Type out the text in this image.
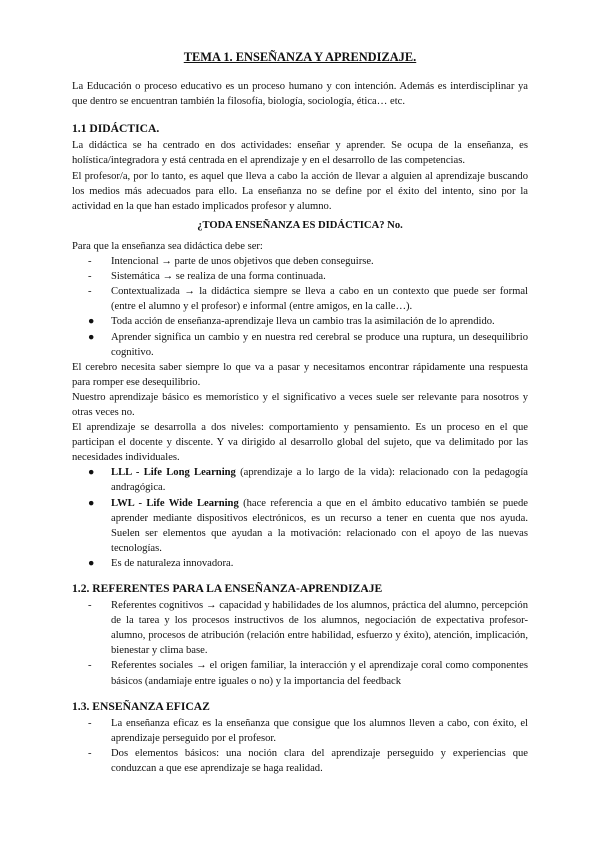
TEMA 1. ENSEÑANZA Y APRENDIZAJE.

La Educación o proceso educativo es un proceso humano y con intención. Además es interdisciplinar ya que dentro se encuentran también la filosofía, biología, sociología, ética… etc.

1.1 DIDÁCTICA.

La didáctica se ha centrado en dos actividades: enseñar y aprender. Se ocupa de la enseñanza, es holística/integradora y está centrada en el aprendizaje y en el desarrollo de las competencias.

El profesor/a, por lo tanto, es aquel que lleva a cabo la acción de llevar a alguien al aprendizaje buscando los medios más adecuados para ello. La enseñanza no se define por el éxito del intento, sino por la actividad en la que han estado implicados profesor y alumno.

¿TODA ENSEÑANZA ES DIDÁCTICA? No.

Para que la enseñanza sea didáctica debe ser:

-	Intencional → parte de unos objetivos que deben conseguirse.
-	Sistemática → se realiza de una forma continuada.
-	Contextualizada → la didáctica siempre se lleva a cabo en un contexto que puede ser formal (entre el alumno y el profesor) e informal (entre amigos, en la calle…).
●	Toda acción de enseñanza-aprendizaje lleva un cambio tras la asimilación de lo aprendido.
●	Aprender significa un cambio y en nuestra red cerebral se produce una ruptura, un desequilibrio cognitivo.

El cerebro necesita saber siempre lo que va a pasar y necesitamos encontrar rápidamente una respuesta para romper ese desequilibrio.

Nuestro aprendizaje básico es memorístico y el significativo a veces suele ser relevante para nosotros y otras veces no.

El aprendizaje se desarrolla a dos niveles: comportamiento y pensamiento. Es un proceso en el que participan el docente y discente. Y va dirigido al desarrollo global del sujeto, que va delimitado por las necesidades individuales.

●	LLL - Life Long Learning (aprendizaje a lo largo de la vida): relacionado con la pedagogía andragógica.
●	LWL - Life Wide Learning (hace referencia a que en el ámbito educativo también se puede aprender mediante dispositivos electrónicos, es un recurso a tener en cuenta que nos ayuda. Suelen ser elementos que ayudan a la motivación: relacionado con el apoyo de las nuevas tecnologías.
●	Es de naturaleza innovadora.
1.2. REFERENTES PARA LA ENSEÑANZA-APRENDIZAJE
-	Referentes cognitivos → capacidad y habilidades de los alumnos, práctica del alumno, percepción de la tarea y los procesos instructivos de los alumnos, negociación de expectativa profesor-alumno, procesos de atribución (relación entre habilidad, esfuerzo y éxito), atención, implicación, bienestar y clima base.
-	Referentes sociales → el origen familiar, la interacción y el aprendizaje coral como componentes básicos (andamiaje entre iguales o no) y la importancia del feedback
1.3. ENSEÑANZA EFICAZ
-	La enseñanza eficaz es la enseñanza que consigue que los alumnos lleven a cabo, con éxito, el aprendizaje perseguido por el profesor.
-	Dos elementos básicos: una noción clara del aprendizaje perseguido y experiencias que conduzcan a que ese aprendizaje se haga realidad.
